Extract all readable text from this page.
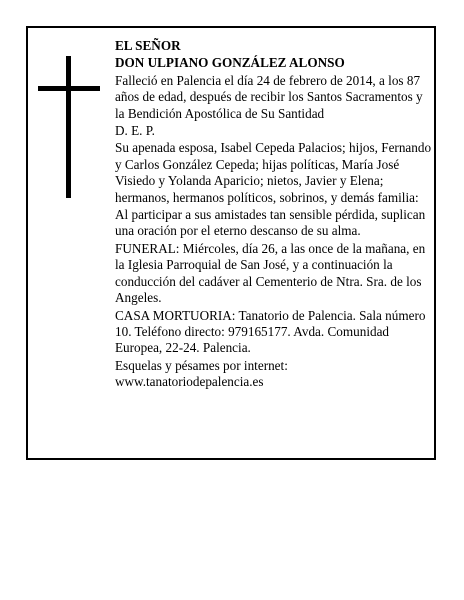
EL SEÑOR

DON ULPIANO GONZÁLEZ ALONSO

Falleció en Palencia el día 24 de febrero de 2014, a los 87 años de edad, después de recibir los Santos Sacramentos y la Bendición Apostólica de Su Santidad

D. E. P.

Su apenada esposa, Isabel Cepeda Palacios; hijos, Fernando y Carlos González Cepeda; hijas políticas, María José Visiedo y Yolanda Aparicio; nietos, Javier y Elena; hermanos, hermanos políticos, sobrinos, y demás familia:

Al participar a sus amistades tan sensible pérdida, suplican una oración por el eterno descanso de su alma.

FUNERAL: Miércoles, día 26, a las once de la mañana, en la Iglesia Parroquial de San José, y a continuación la conducción del cadáver al Cementerio de Ntra. Sra. de los Angeles.

CASA MORTUORIA: Tanatorio de Palencia. Sala número 10. Teléfono directo: 979165177. Avda. Comunidad Europea, 22-24. Palencia.

Esquelas y pésames por internet:

www.tanatoriodepalencia.es
